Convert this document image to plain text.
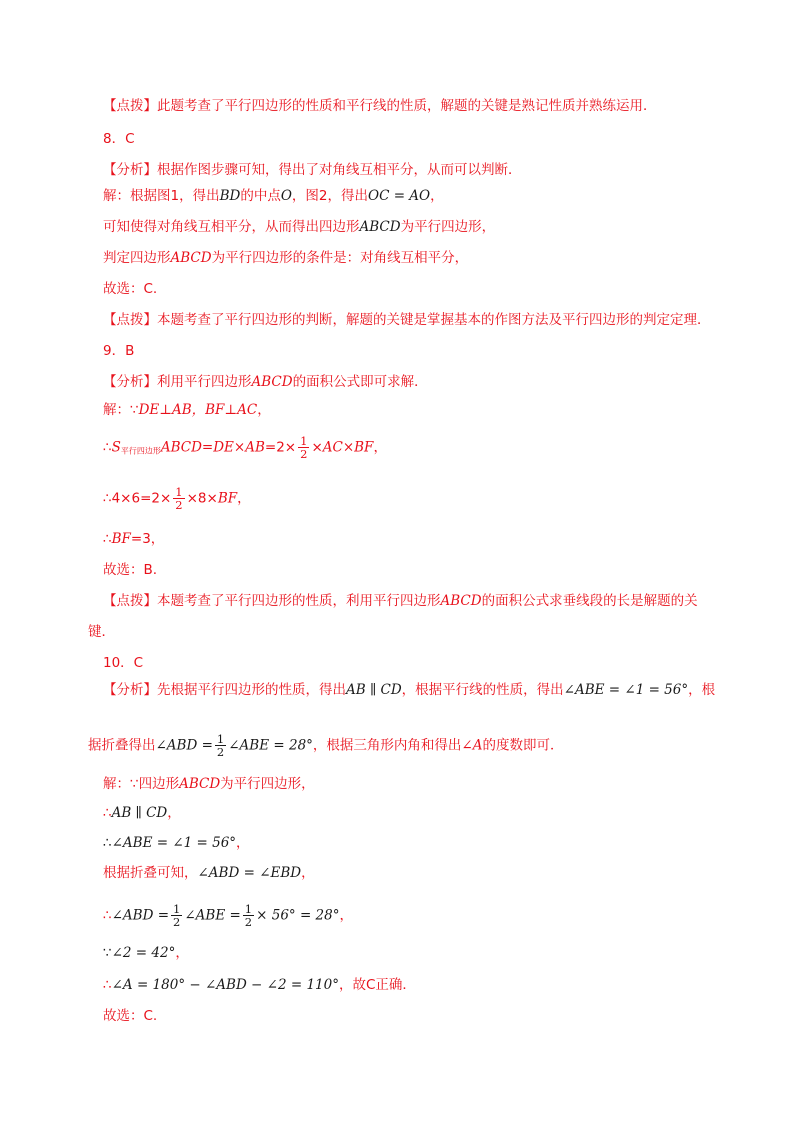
【点拨】此题考查了平行四边形的性质和平行线的性质，解题的关键是熟记性质并熟练运用．
8．C
【分析】根据作图步骤可知，得出了对角线互相平分，从而可以判断．
解：根据图1，得出BD的中点O，图2，得出OC = AO，
可知使得对角线互相平分，从而得出四边形ABCD为平行四边形，
判定四边形ABCD为平行四边形的条件是：对角线互相平分，
故选：C.
【点拨】本题考查了平行四边形的判断，解题的关键是掌握基本的作图方法及平行四边形的判定定理．
9．B
【分析】利用平行四边形ABCD的面积公式即可求解．
解：∵DE⊥AB，BF⊥AC，
$\therefore S_{平行四边形}ABCD=DE\times AB=2\times \frac{1}{2} \times AC\times BF$，
∴4×6=2× $\frac{1}{2} \times 8\times BF$，
∴BF=3，
故选：B.
【点拨】本题考查了平行四边形的性质，利用平行四边形ABCD的面积公式求垂线段的长是解题的关
键．
10．C
【分析】先根据平行四边形的性质，得出AB ∥ CD，根据平行线的性质，得出∠ABE = ∠1 = 56°，根
据折叠得出∠ABD = $\frac{1}{2}$ ∠ABE = 28°，根据三角形内角和得出∠A的度数即可．
解：∵四边形ABCD为平行四边形，
∴AB ∥ CD，
∴∠ABE = ∠1 = 56°，
根据折叠可知，∠ABD = ∠EBD，
∴∠ABD = $\frac{1}{2}$ ∠ABE = $\frac{1}{2} \times 56^\circ = 28^\circ$，
∵∠2 = 42°，
∴∠A = 180° − ∠ABD − ∠2 = 110°，故C正确．
故选：C.
